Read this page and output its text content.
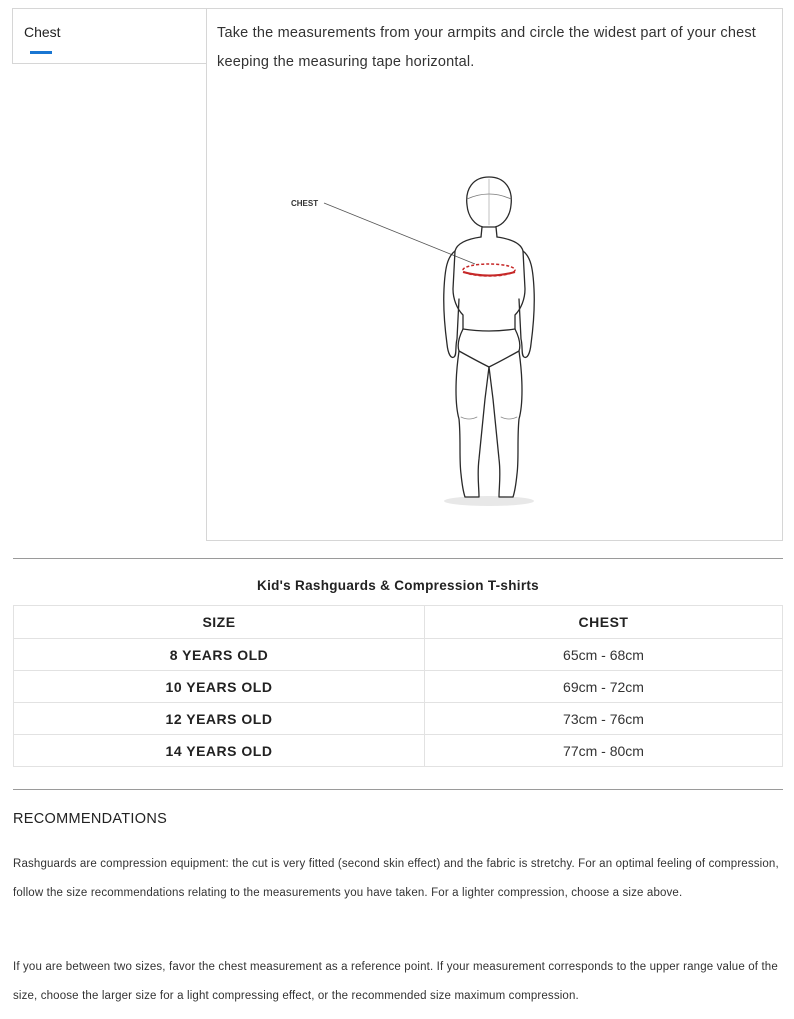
Chest	Take the measurements from your armpits and circle the widest part of your chest keeping the measuring tape horizontal.
CHEST
Kid's Rashguards & Compression T-shirts
SIZE	CHEST
8 YEARS OLD	65cm - 68cm
10 YEARS OLD	69cm - 72cm
12 YEARS OLD	73cm - 76cm
14 YEARS OLD	77cm - 80cm
RECOMMENDATIONS

Rashguards are compression equipment: the cut is very fitted (second skin effect) and the fabric is stretchy. For an optimal feeling of compression, follow the size recommendations relating to the measurements you have taken. For a lighter compression, choose a size above.

If you are between two sizes, favor the chest measurement as a reference point. If your measurement corresponds to the upper range value of the size, choose the larger size for a light compressing effect, or the recommended size maximum compression.
